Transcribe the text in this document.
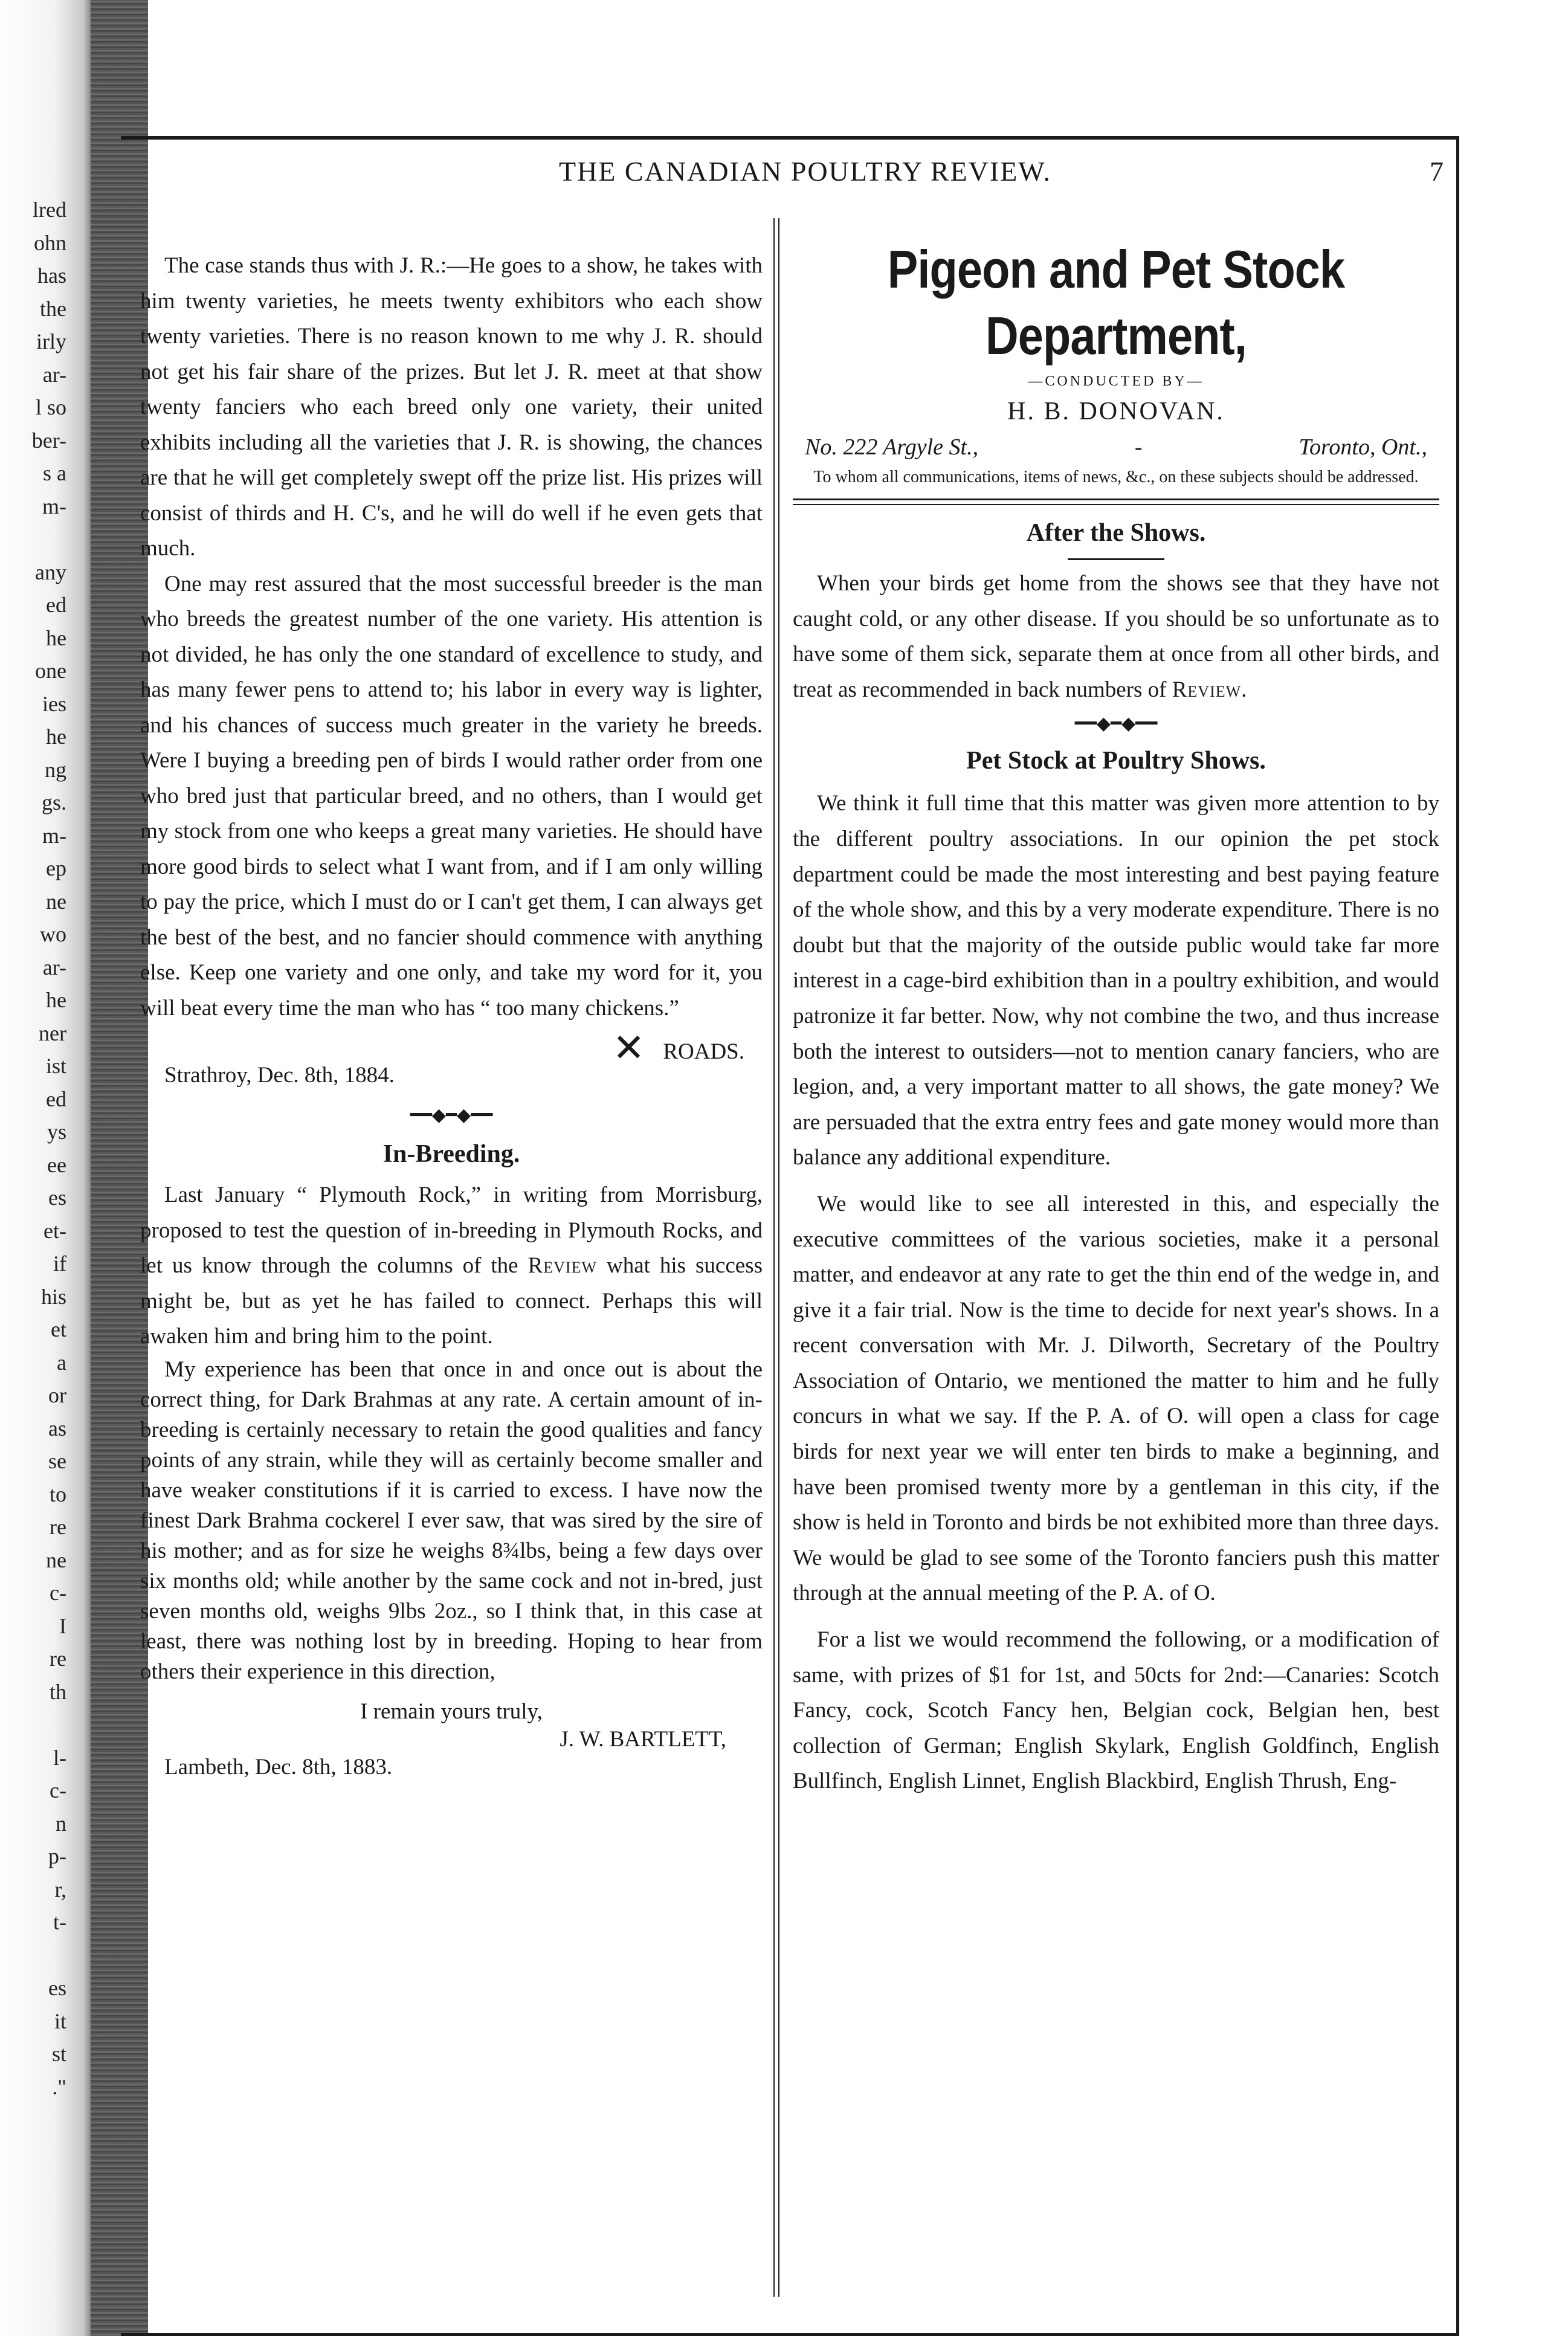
lred
ohn
has
the
irly
ar-
l so
ber-
s a
m-

any
ed
he
one
ies
he
ng
gs.
m-
ep
ne
wo
ar-
he
ner
ist
ed
ys
ee
es
et-
if
his
et
a
or
as
se
to
re
ne
c-
I
re
th

l-
c-
n
p-
r,
t-

es
it
st
."
THE CANADIAN POULTRY REVIEW.	7

The case stands thus with J. R.:—He goes to a show, he takes with him twenty varieties, he meets twenty exhibitors who each show twenty varieties. There is no reason known to me why J. R. should not get his fair share of the prizes. But let J. R. meet at that show twenty fanciers who each breed only one variety, their united exhibits including all the varieties that J. R. is showing, the chances are that he will get completely swept off the prize list. His prizes will consist of thirds and H. C's, and he will do well if he even gets that much.

One may rest assured that the most successful breeder is the man who breeds the greatest number of the one variety. His attention is not divided, he has only the one standard of excellence to study, and has many fewer pens to attend to; his labor in every way is lighter, and his chances of success much greater in the variety he breeds. Were I buying a breeding pen of birds I would rather order from one who bred just that particular breed, and no others, than I would get my stock from one who keeps a great many varieties. He should have more good birds to select what I want from, and if I am only willing to pay the price, which I must do or I can't get them, I can always get the best of the best, and no fancier should commence with anything else. Keep one variety and one only, and take my word for it, you will beat every time the man who has “ too many chickens.”

✕ ROADS.

Strathroy, Dec. 8th, 1884.

━━◆━◆━━
In-Breeding.

Last January “ Plymouth Rock,” in writing from Morrisburg, proposed to test the question of in-breeding in Plymouth Rocks, and let us know through the columns of the Review what his success might be, but as yet he has failed to connect. Perhaps this will awaken him and bring him to the point.

My experience has been that once in and once out is about the correct thing, for Dark Brahmas at any rate. A certain amount of in-breeding is certainly necessary to retain the good qualities and fancy points of any strain, while they will as certainly become smaller and have weaker constitutions if it is carried to excess. I have now the finest Dark Brahma cockerel I ever saw, that was sired by the sire of his mother; and as for size he weighs 8¾lbs, being a few days over six months old; while another by the same cock and not in-bred, just seven months old, weighs 9lbs 2oz., so I think that, in this case at least, there was nothing lost by in breeding. Hoping to hear from others their experience in this direction,

I remain yours truly,

J. W. BARTLETT,

Lambeth, Dec. 8th, 1883.

Pigeon and Pet Stock Department,
—CONDUCTED BY—
H. B. DONOVAN.
No. 222 Argyle St.,	-	Toronto, Ont.,
To whom all communications, items of news, &c., on these subjects should be addressed.
After the Shows.

When your birds get home from the shows see that they have not caught cold, or any other disease. If you should be so unfortunate as to have some of them sick, separate them at once from all other birds, and treat as recommended in back numbers of Review.

━━◆━◆━━
Pet Stock at Poultry Shows.

We think it full time that this matter was given more attention to by the different poultry associations. In our opinion the pet stock department could be made the most interesting and best paying feature of the whole show, and this by a very moderate expenditure. There is no doubt but that the majority of the outside public would take far more interest in a cage-bird exhibition than in a poultry exhibition, and would patronize it far better. Now, why not combine the two, and thus increase both the interest to outsiders—not to mention canary fanciers, who are legion, and, a very important matter to all shows, the gate money? We are persuaded that the extra entry fees and gate money would more than balance any additional expenditure.

We would like to see all interested in this, and especially the executive committees of the various societies, make it a personal matter, and endeavor at any rate to get the thin end of the wedge in, and give it a fair trial. Now is the time to decide for next year's shows. In a recent conversation with Mr. J. Dilworth, Secretary of the Poultry Association of Ontario, we mentioned the matter to him and he fully concurs in what we say. If the P. A. of O. will open a class for cage birds for next year we will enter ten birds to make a beginning, and have been promised twenty more by a gentleman in this city, if the show is held in Toronto and birds be not exhibited more than three days. We would be glad to see some of the Toronto fanciers push this matter through at the annual meeting of the P. A. of O.

For a list we would recommend the following, or a modification of same, with prizes of $1 for 1st, and 50cts for 2nd:—Canaries: Scotch Fancy, cock, Scotch Fancy hen, Belgian cock, Belgian hen, best collection of German; English Skylark, English Goldfinch, English Bullfinch, English Linnet, English Blackbird, English Thrush, Eng-
